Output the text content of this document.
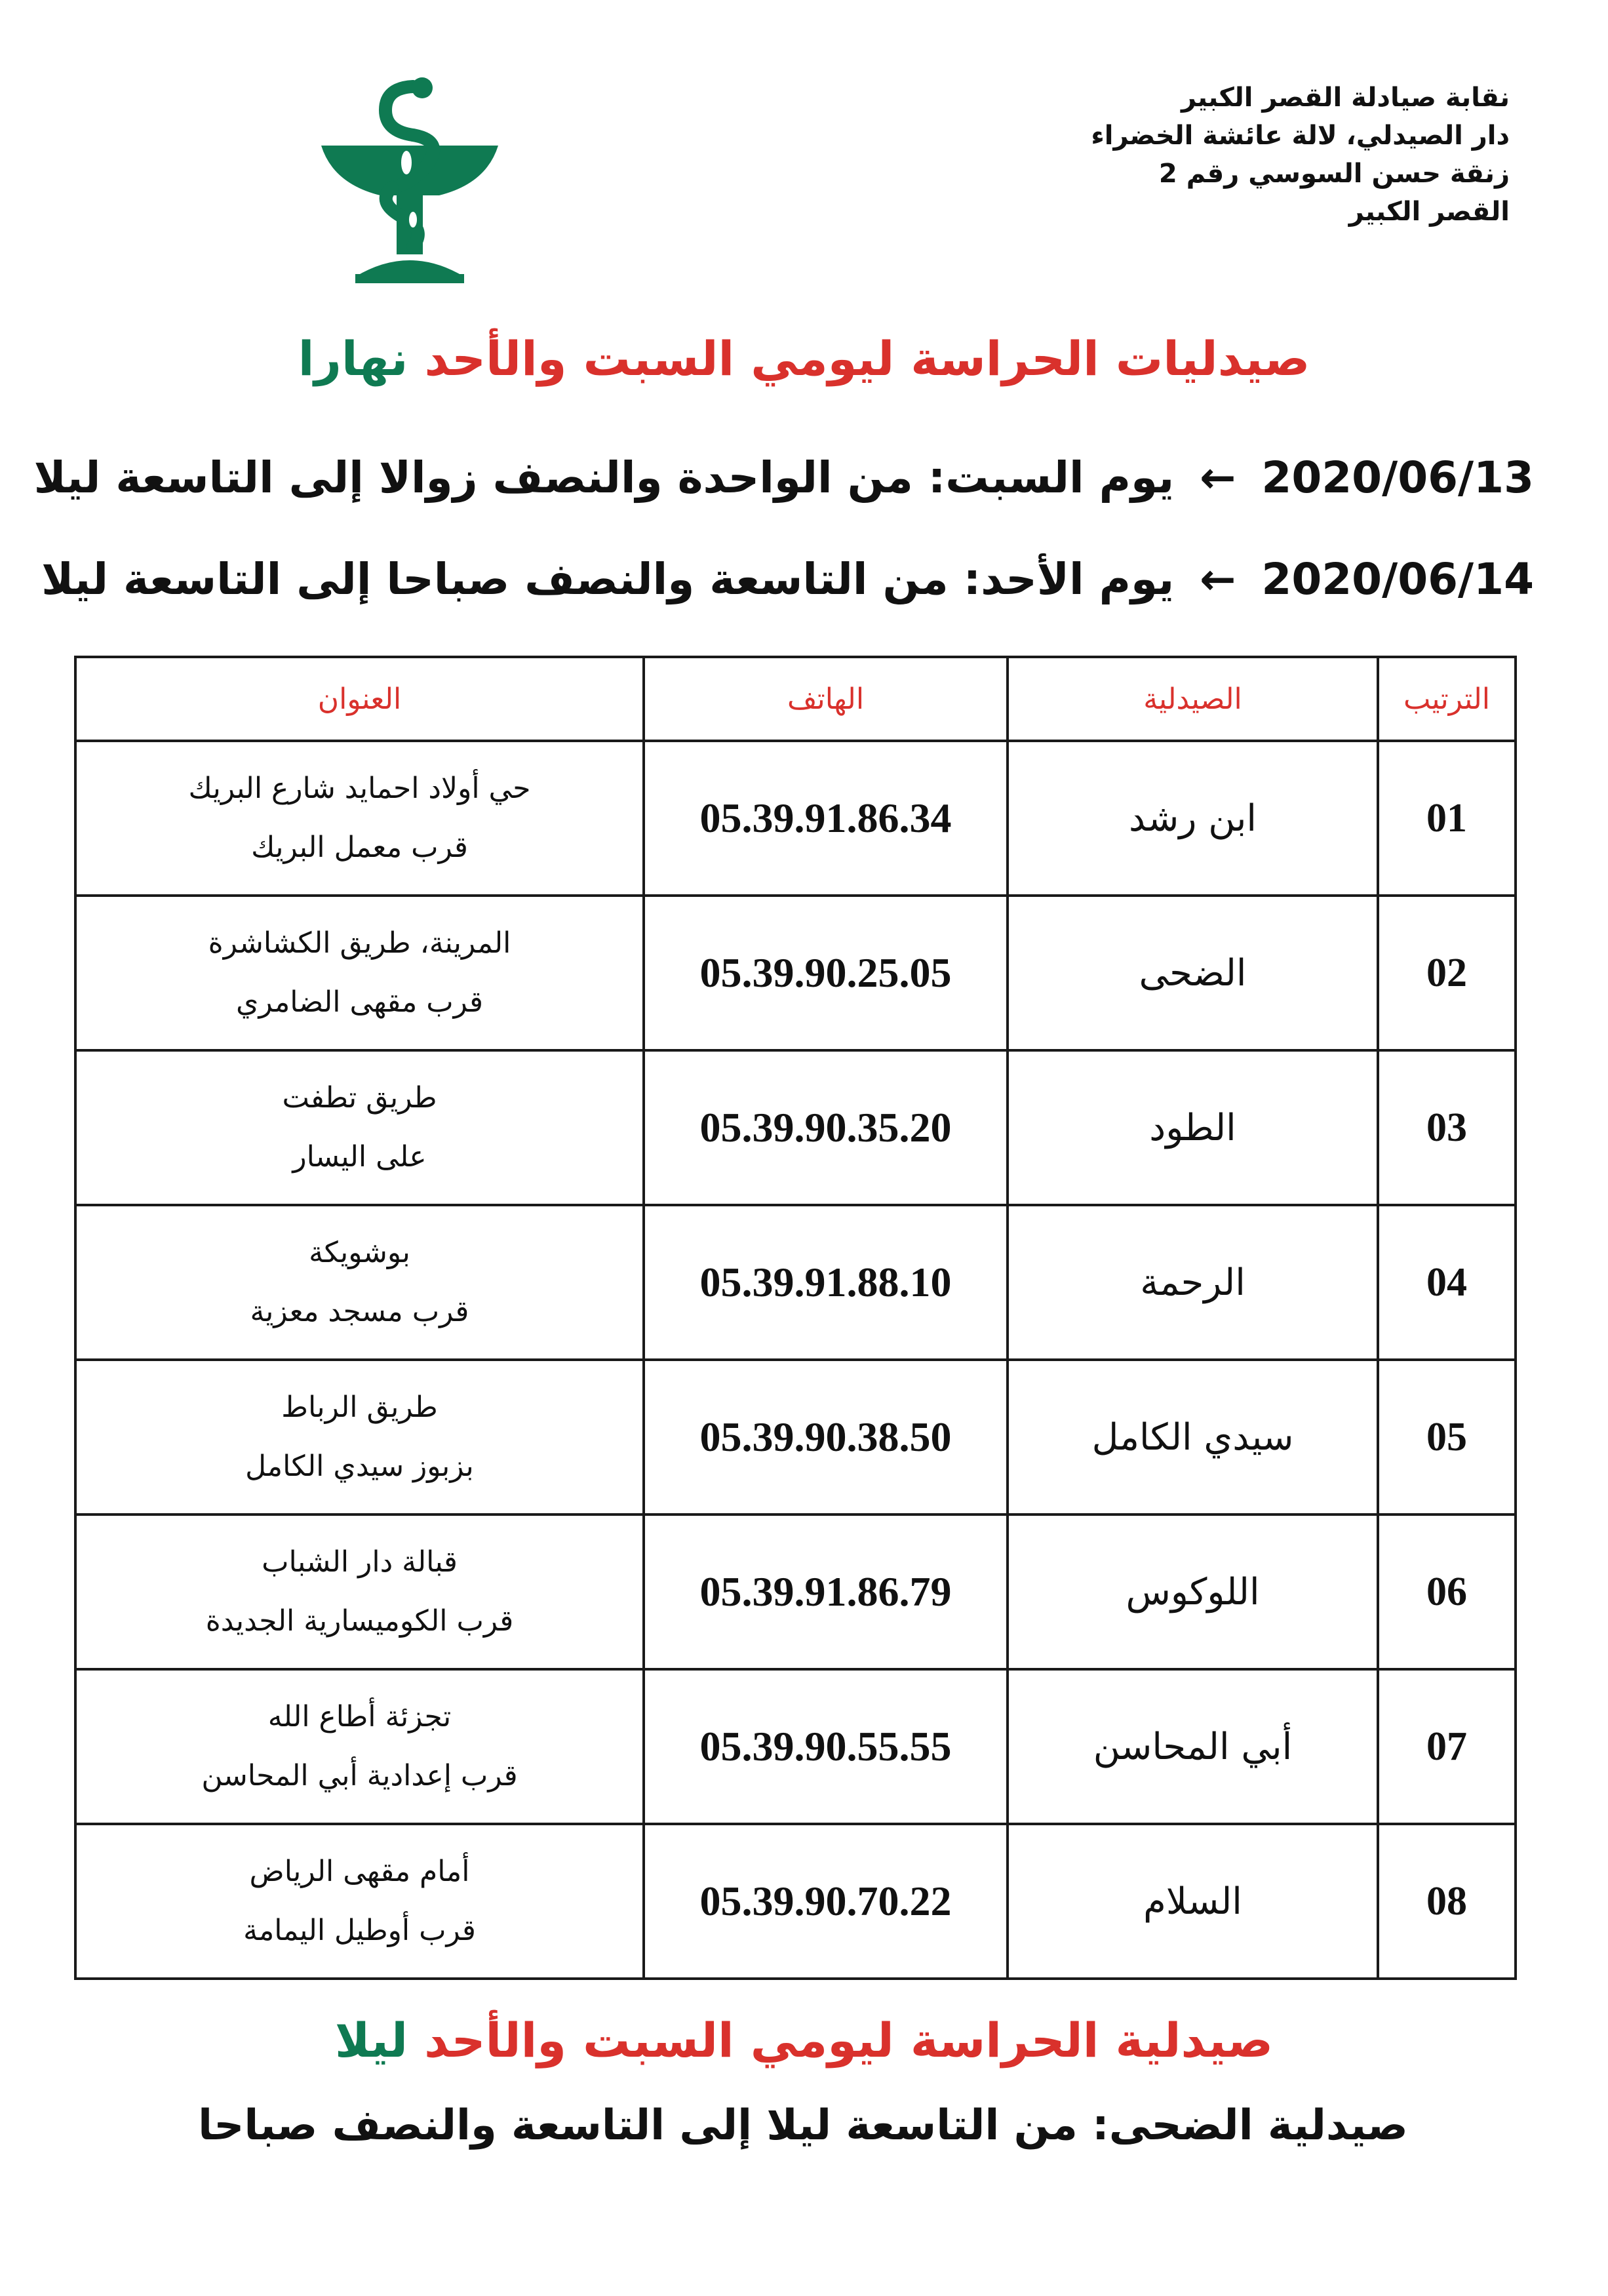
نقابة صيادلة القصر الكبير
دار الصيدلي، لالة عائشة الخضراء
زنقة حسن السوسي رقم 2
القصر الكبير
صيدليات الحراسة ليومي السبت والأحد نهارا
2020/06/13 ← يوم السبت: من الواحدة والنصف زوالا إلى التاسعة ليلا
2020/06/14 ← يوم الأحد: من التاسعة والنصف صباحا إلى التاسعة ليلا
الترتيب	الصيدلية	الهاتف	العنوان
01	ابن رشد	05.39.91.86.34	حي أولاد احمايد شارع البريك
قرب معمل البريك

02	الضحى	05.39.90.25.05	المرينة، طريق الكشاشرة
قرب مقهى الضامري

03	الطود	05.39.90.35.20	طريق تطفت
على اليسار

04	الرحمة	05.39.91.88.10	بوشويكة
قرب مسجد معزية

05	سيدي الكامل	05.39.90.38.50	طريق الرباط
بزبوز سيدي الكامل

06	اللوكوس	05.39.91.86.79	قبالة دار الشباب
قرب الكوميسارية الجديدة

07	أبي المحاسن	05.39.90.55.55	تجزئة أطاع الله
قرب إعدادية أبي المحاسن

08	السلام	05.39.90.70.22	أمام مقهى الرياض
قرب أوطيل اليمامة
صيدلية الحراسة ليومي السبت والأحد ليلا
صيدلية الضحى: من التاسعة ليلا إلى التاسعة والنصف صباحا
